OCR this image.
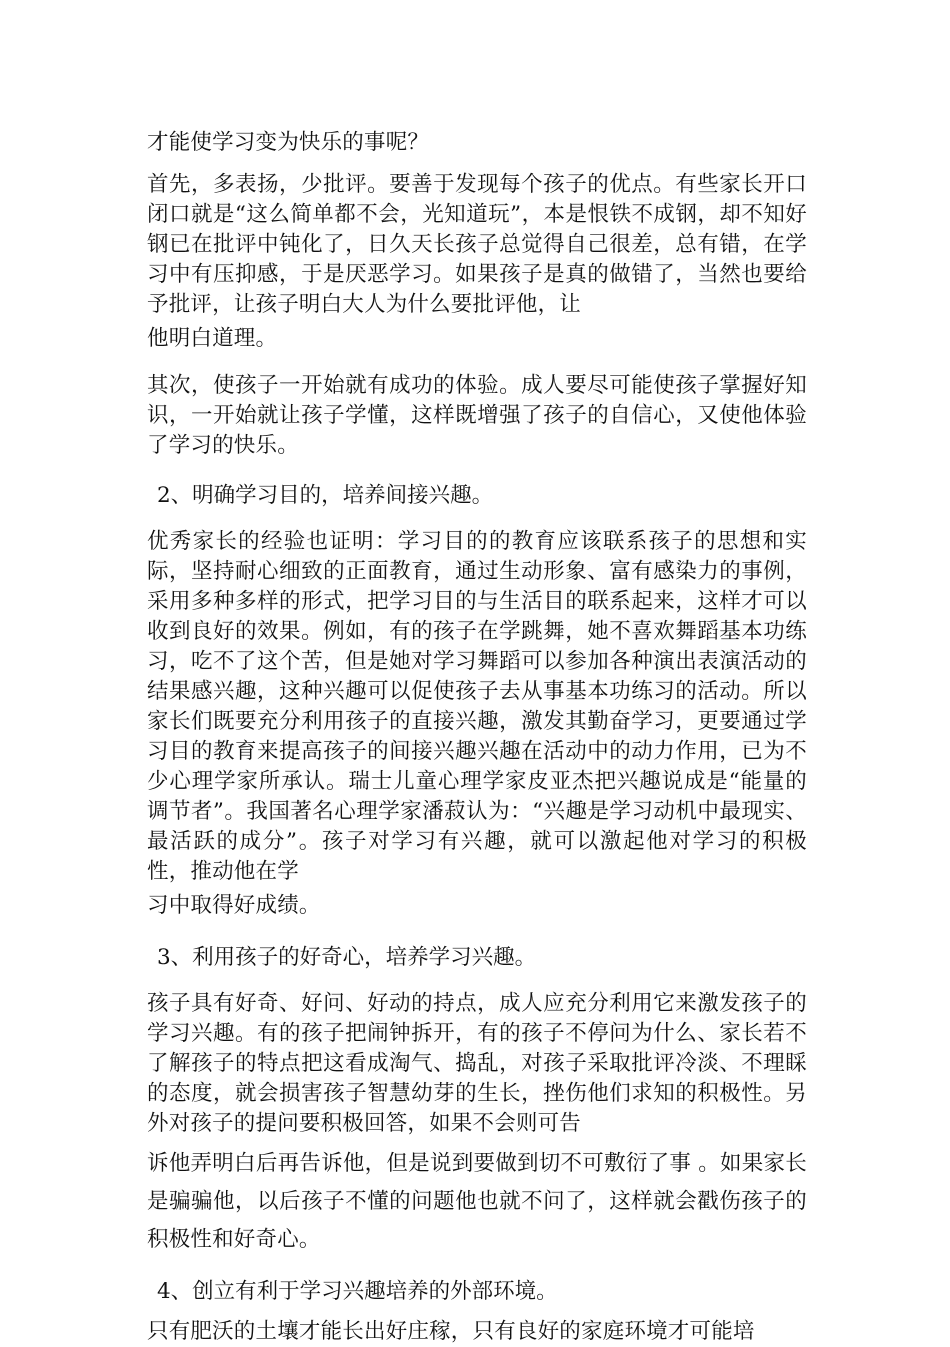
才能使学习变为快乐的事呢？

首先，多表扬，少批评。要善于发现每个孩子的优点。有些家长开口闭口就是“这么简单都不会，光知道玩”，本是恨铁不成钢，却不知好钢已在批评中钝化了，日久天长孩子总觉得自己很差，总有错，在学习中有压抑感，于是厌恶学习。如果孩子是真的做错了，当然也要给予批评，让孩子明白大人为什么要批评他，让

他明白道理。

其次，使孩子一开始就有成功的体验。成人要尽可能使孩子掌握好知识，一开始就让孩子学懂，这样既增强了孩子的自信心，又使他体验了学习的快乐。

2、明确学习目的，培养间接兴趣。

优秀家长的经验也证明：学习目的的教育应该联系孩子的思想和实际，坚持耐心细致的正面教育，通过生动形象、富有感染力的事例，采用多种多样的形式，把学习目的与生活目的联系起来，这样才可以收到良好的效果。例如，有的孩子在学跳舞，她不喜欢舞蹈基本功练习，吃不了这个苦，但是她对学习舞蹈可以参加各种演出表演活动的结果感兴趣，这种兴趣可以促使孩子去从事基本功练习的活动。所以家长们既要充分利用孩子的直接兴趣，激发其勤奋学习，更要通过学习目的教育来提高孩子的间接兴趣兴趣在活动中的动力作用，已为不少心理学家所承认。瑞士儿童心理学家皮亚杰把兴趣说成是“能量的调节者”。我国著名心理学家潘菽认为：“兴趣是学习动机中最现实、最活跃的成分”。孩子对学习有兴趣，就可以激起他对学习的积极性，推动他在学

习中取得好成绩。

3、利用孩子的好奇心，培养学习兴趣。

孩子具有好奇、好问、好动的持点，成人应充分利用它来激发孩子的学习兴趣。有的孩子把闹钟拆开，有的孩子不停问为什么、家长若不了解孩子的特点把这看成淘气、捣乱，对孩子采取批评冷淡、不理睬的态度，就会损害孩子智慧幼芽的生长，挫伤他们求知的积极性。另外对孩子的提问要积极回答，如果不会则可告

诉他弄明白后再告诉他，但是说到要做到切不可敷衍了事 。如果家长是骗骗他，以后孩子不懂的问题他也就不问了，这样就会戳伤孩子的积极性和好奇心。

4、创立有利于学习兴趣培养的外部环境。

只有肥沃的土壤才能长出好庄稼，只有良好的家庭环境才可能培
